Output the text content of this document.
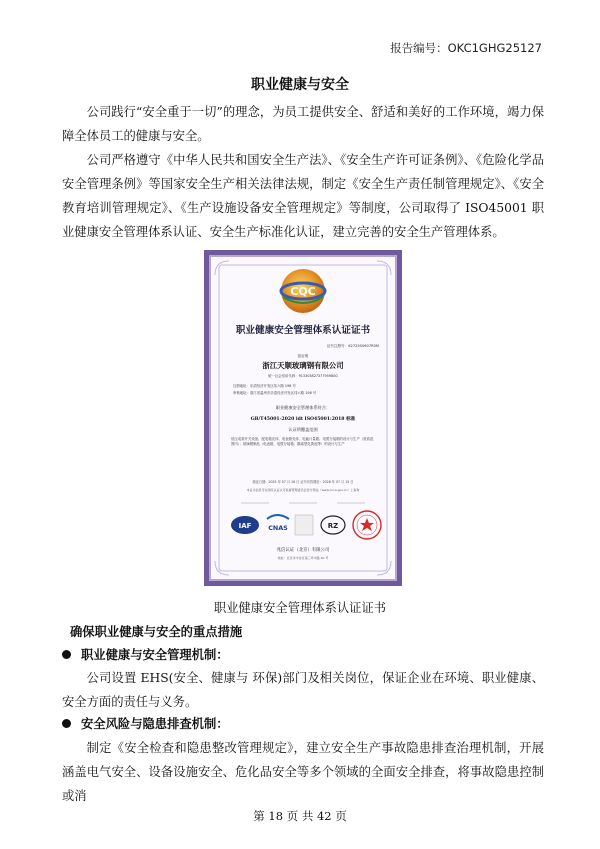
报告编号：OKC1GHG25127
职业健康与安全

公司践行“安全重于一切”的理念，为员工提供安全、舒适和美好的工作环境，竭力保障全体员工的健康与安全。

公司严格遵守《中华人民共和国安全生产法》、《安全生产许可证条例》、《危险化学品安全管理条例》等国家安全生产相关法律法规，制定《安全生产责任制管理规定》、《安全教育培训管理规定》、《生产设施设备安全管理规定》等制度，公司取得了 ISO45001 职业健康安全管理体系认证、安全生产标准化认证，建立完善的安全生产管理体系。

CQC
职业健康安全管理体系认证证书
证书注册号：62725S0607R0M
兹证明
浙江天顺玻璃钢有限公司
统一社会信用代码：91330382737795980G
注册地址：乐清经济开发区纬六路 198 号
审核地址：浙江省温州市乐清经济开发区纬六路 198 号
职业健康安全管理体系符合：
GB/T45001-2020 idt ISO45001:2018 标准
认证所覆盖范围
低压成套开关设备、配电箱壳体、电表箱壳体、电能计量箱、电缆分接箱的设计与生产（资质范围内）；玻璃钢制品（电表箱、电缆分接箱、隔离型化粪池等）的设计与生产
颁证日期：2025 年 07 月 16 日 证书有效期至：2028 年 07 月 15 日
本证书信息可在国家认证认可监督管理委员会官方网站（www.cnca.gov.cn）上查询
IAF	CNAS	RZ
兆信认证（北京）有限公司
地址：北京市丰台区南三环中路 20 号
职业健康安全管理体系认证证书
确保职业健康与安全的重点措施
职业健康与安全管理机制：

公司设置 EHS(安全、健康与 环保)部门及相关岗位，保证企业在环境、职业健康、安全方面的责任与义务。

安全风险与隐患排查机制：

制定《安全检查和隐患整改管理规定》，建立安全生产事故隐患排查治理机制，开展涵盖电气安全、设备设施安全、危化品安全等多个领域的全面安全排查，将事故隐患控制或消

第 18 页 共 42 页
